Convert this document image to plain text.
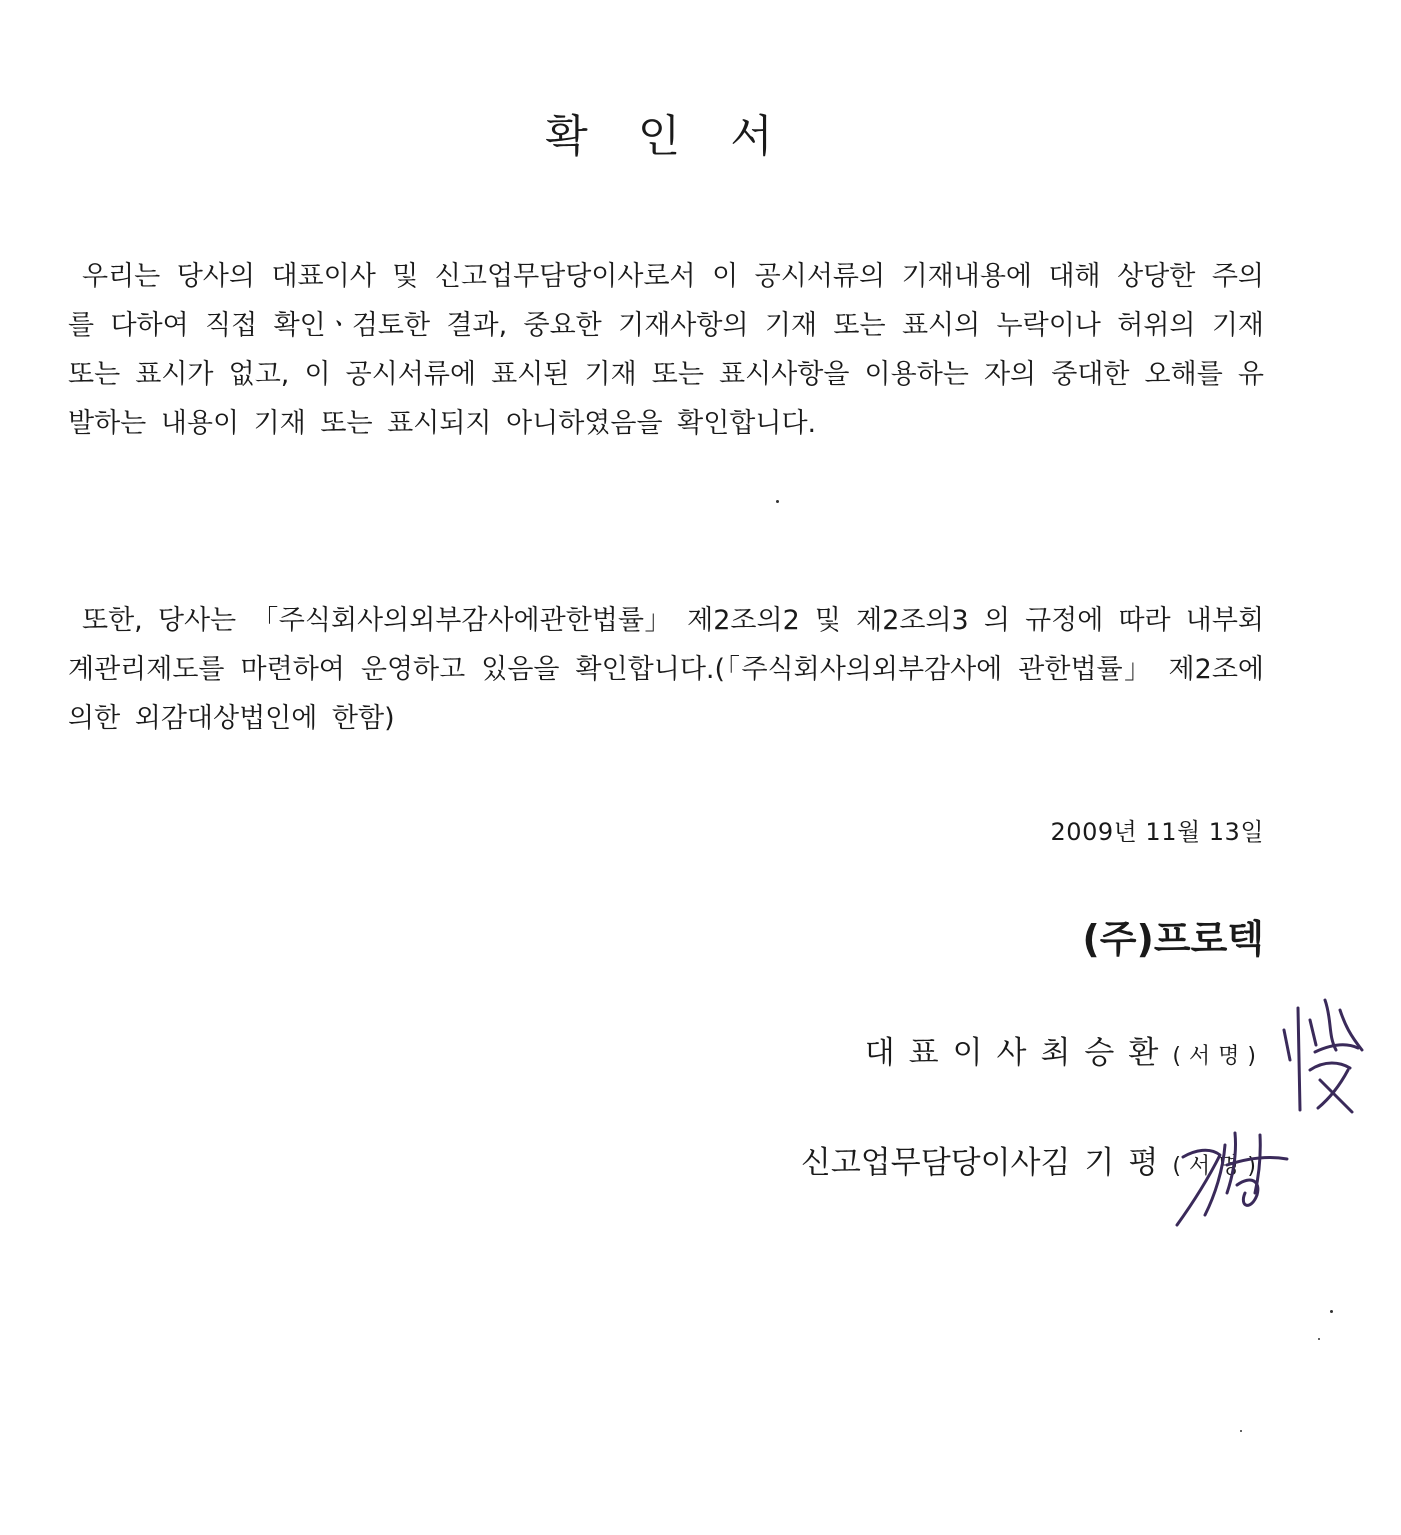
확 인 서

우리는 당사의 대표이사 및 신고업무담당이사로서 이 공시서류의 기재내용에 대해 상당한 주의를 다하여 직접 확인ㆍ검토한 결과, 중요한 기재사항의 기재 또는 표시의 누락이나 허위의 기재 또는 표시가 없고, 이 공시서류에 표시된 기재 또는 표시사항을 이용하는 자의 중대한 오해를 유발하는 내용이 기재 또는 표시되지 아니하였음을 확인합니다.

또한, 당사는 「주식회사의외부감사에관한법률」 제2조의2 및 제2조의3 의 규정에 따라 내부회계관리제도를 마련하여 운영하고 있음을 확인합니다.(「주식회사의외부감사에 관한법률」 제2조에 의한 외감대상법인에 한함)

2009년 11월 13일

(주)프로텍

대표이사최승환(서명)

신고업무담당이사김기평(서명)
